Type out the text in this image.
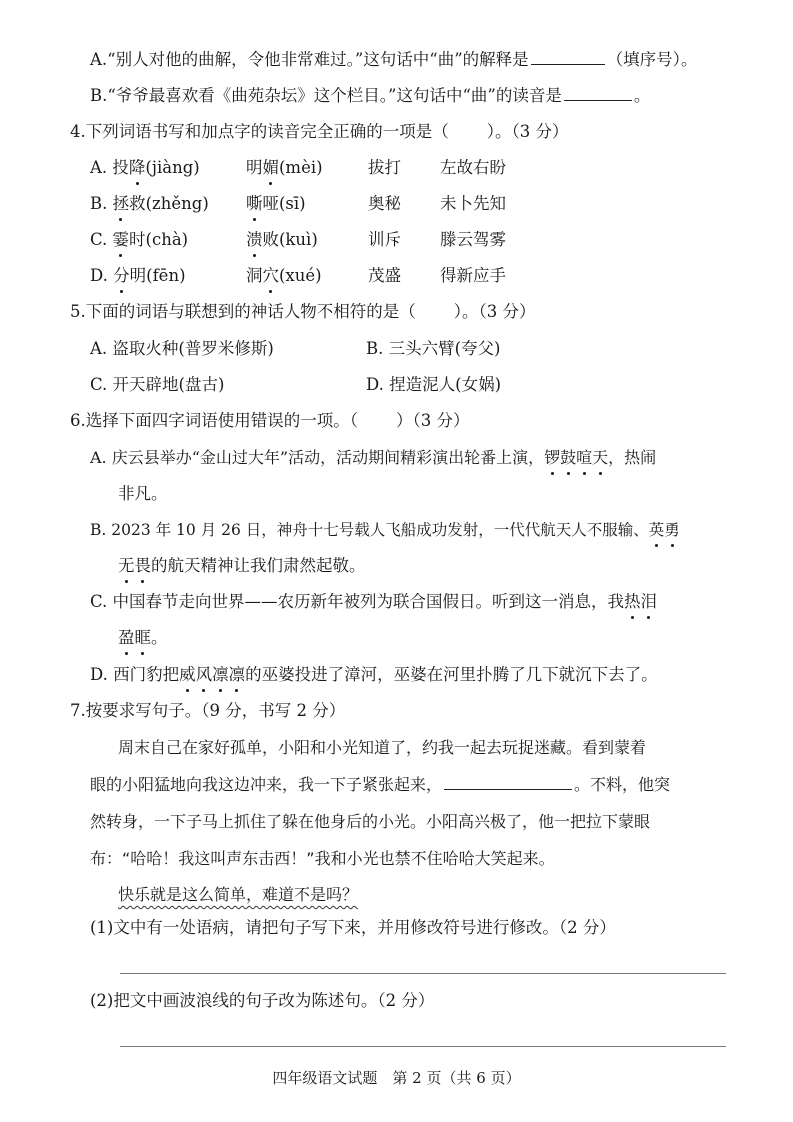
A.“别人对他的曲解，令他非常难过。”这句话中“曲”的解释是	（填序号）。
B.“爷爷最喜欢看《曲苑杂坛》这个栏目。”这句话中“曲”的读音是	。
4.下列词语书写和加点字的读音完全正确的一项是（ ）。（3 分）
A. 投降(jiàng)	明媚(mèi)	拔打 左故右盼
B. 拯救(zhěng) 嘶哑(sī)	奥秘 未卜先知
C. 霎时(chà)	溃败(kuì)	训斥 滕云驾雾
D. 分明(fēn)	洞穴(xué)	茂盛 得新应手
5.下面的词语与联想到的神话人物不相符的是（ ）。（3 分）
A. 盗取火种(普罗米修斯)	B. 三头六臂(夸父)
C. 开天辟地(盘古)	D. 捏造泥人(女娲)
6.选择下面四字词语使用错误的一项。（ ）（3 分）
A. 庆云县举办“金山过大年”活动，活动期间精彩演出轮番上演，锣鼓喧天，热闹
非凡。
B. 2023 年 10 月 26 日，神舟十七号载人飞船成功发射，一代代航天人不服输、英勇
无畏的航天精神让我们肃然起敬。
C. 中国春节走向世界——农历新年被列为联合国假日。听到这一消息，我热泪
盈眶。
D. 西门豹把威风凛凛的巫婆投进了漳河，巫婆在河里扑腾了几下就沉下去了。
7.按要求写句子。（9 分，书写 2 分）
周末自己在家好孤单，小阳和小光知道了，约我一起去玩捉迷藏。看到蒙着
眼的小阳猛地向我这边冲来，我一下子紧张起来，	。不料，他突
然转身，一下子马上抓住了躲在他身后的小光。小阳高兴极了，他一把拉下蒙眼
布：“哈哈！我这叫声东击西！”我和小光也禁不住哈哈大笑起来。
快乐就是这么简单，难道不是吗？
(1)文中有一处语病，请把句子写下来，并用修改符号进行修改。（2 分）
(2)把文中画波浪线的句子改为陈述句。（2 分）
四年级语文试题　第 2 页（共 6 页）
